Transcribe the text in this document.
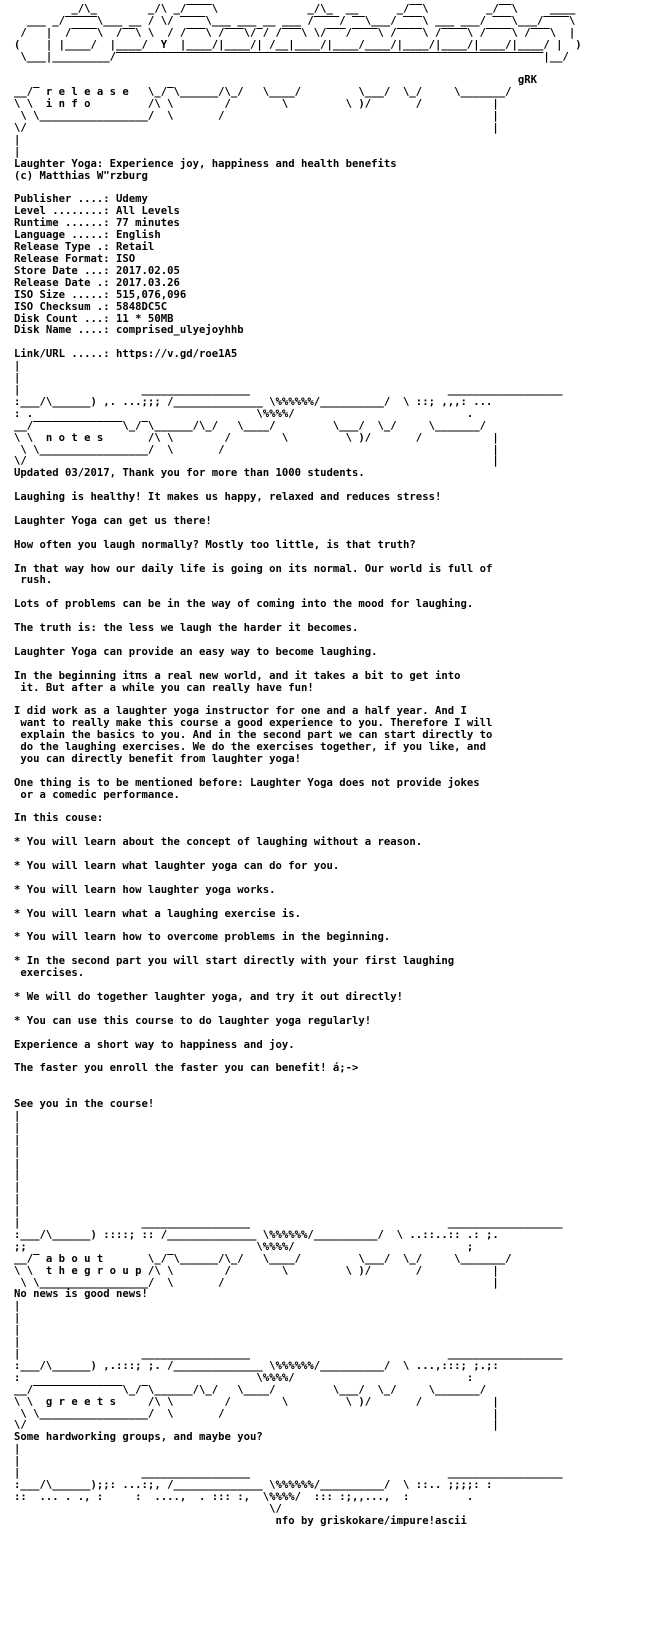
_/\_        _/\ _/‾‾‾‾\              _/\_  __      _/‾‾\         _/‾‾\     ____
___ _/‾‾‾‾‾\___ __ / \/ ‾‾‾‾\___ ___ __ ___ /‾‾‾‾/ ‾‾\___/ ‾‾‾\ ___ ___/ ‾‾‾\___/‾‾‾‾\
/   |  /‾‾‾‾\  /‾‾\ \  / /‾‾‾\ /‾‾‾\/‾/ /‾‾‾\ \/‾‾‾/‾‾‾‾\ /‾‾‾‾\ /‾‾‾‾\ /‾‾‾‾\ /‾‾‾\  |
(    | |____/  |____/  Y  |____/|____/| /__|____/|____/____/|____/|____/|____/|____/ |  )
\___|_________/‾‾‾‾‾‾‾‾‾‾‾‾‾‾‾‾‾‾‾‾‾‾‾‾‾‾‾‾‾‾‾‾‾‾‾‾‾‾‾‾‾‾‾‾‾‾‾‾‾‾‾‾‾‾‾‾‾‾‾‾‾‾‾‾‾‾‾|__/

gRK
__/‾ r e l e a s e   \_/‾\______/\_/   \____/         \___/  \_/     \_______/
\ \  i n f o         /\ \        /        \         \ )/       /           |
\ \_________________/  \       /                                          |
\/                                                                         |
|
|
Laughter Yoga: Experience joy, happiness and health benefits
(c) Matthias W"rzburg
Publisher ....: Udemy
Level ........: All Levels
Runtime ......: 77 minutes
Language .....: English
Release Type .: Retail
Release Format: ISO
Store Date ...: 2017.02.05
Release Date .: 2017.03.26
ISO Size .....: 515,076,096
ISO Checksum .: 5848DC5C
Disk Count ...: 11 * 50MB
Disk Name ....: comprised_ulyejoyhhb
Link/URL .....: https://v.gd/roe1A5
|
|
|                   _________________                               __________________
:___/\______) ,. ...;;; /______________ \%%%%%%/__________/  \ ::; ,,,: ...
: .                                   \%%%%/                           .
__/‾‾‾‾‾‾‾‾‾‾‾‾‾‾\_/‾\______/\_/   \____/         \___/  \_/     \_______/
\ \  n o t e s       /\ \        /        \         \ )/       /           |
\ \_________________/  \       /                                          |
\/                                                                         |
Updated 03/2017, Thank you for more than 1000 students.
Laughing is healthy! It makes us happy, relaxed and reduces stress!
Laughter Yoga can get us there!
How often you laugh normally? Mostly too little, is that truth?
In that way how our daily life is going on its normal. Our world is full of
rush.
Lots of problems can be in the way of coming into the mood for laughing.
The truth is: the less we laugh the harder it becomes.
Laughter Yoga can provide an easy way to become laughing.
In the beginning itπs a real new world, and it takes a bit to get into
it. But after a while you can really have fun!
I did work as a laughter yoga instructor for one and a half year. And I
want to really make this course a good experience to you. Therefore I will
explain the basics to you. And in the second part we can start directly to
do the laughing exercises. We do the exercises together, if you like, and
you can directly benefit from laughter yoga!
One thing is to be mentioned before: Laughter Yoga does not provide jokes
or a comedic performance.
In this couse:
* You will learn about the concept of laughing without a reason.
* You will learn what laughter yoga can do for you.
* You will learn how laughter yoga works.
* You will learn what a laughing exercise is.
* You will learn how to overcome problems in the beginning.
* In the second part you will start directly with your first laughing
exercises.
* We will do together laughter yoga, and try it out directly!
* You can use this course to do laughter yoga regularly!
Experience a short way to happiness and joy.
The faster you enroll the faster you can benefit! á;->
See you in the course!
|
|
|
|
|
|
|
|
|
|                   _________________                               __________________
:___/\______) ::::; :: /______________ \%%%%%%/__________/  \ ..::..:: .: ;.
;;                                    \%%%%/                           ;
__/‾ a b o u t       \_/‾\______/\_/   \____/         \___/  \_/     \_______/
\ \  t h e g r o u p /\ \        /        \         \ )/       /           |
\ \_________________/  \       /                                          |
No news is good news!
|
|
|
|
|                   _________________                               __________________
:___/\______) ,.:::; ;. /______________ \%%%%%%/__________/  \ ...,:::; ;.;:
:                                     \%%%%/                           :
__/‾‾‾‾‾‾‾‾‾‾‾‾‾‾\_/‾\______/\_/   \____/         \___/  \_/     \_______/
\ \  g r e e t s     /\ \        /        \         \ )/       /           |
\ \_________________/  \       /                                          |
\/                                                                         |
Some hardworking groups, and maybe you?
|
|
|                   _________________                               __________________
:___/\______);;: ...:;, /______________ \%%%%%%/__________/  \ ::.. ;;;;: :
::  ... . ., :     :  ....,  . ::: :,  \%%%%/  ::: :;,,...,  :         .
\/
nfo by griskokare/impure!ascii
